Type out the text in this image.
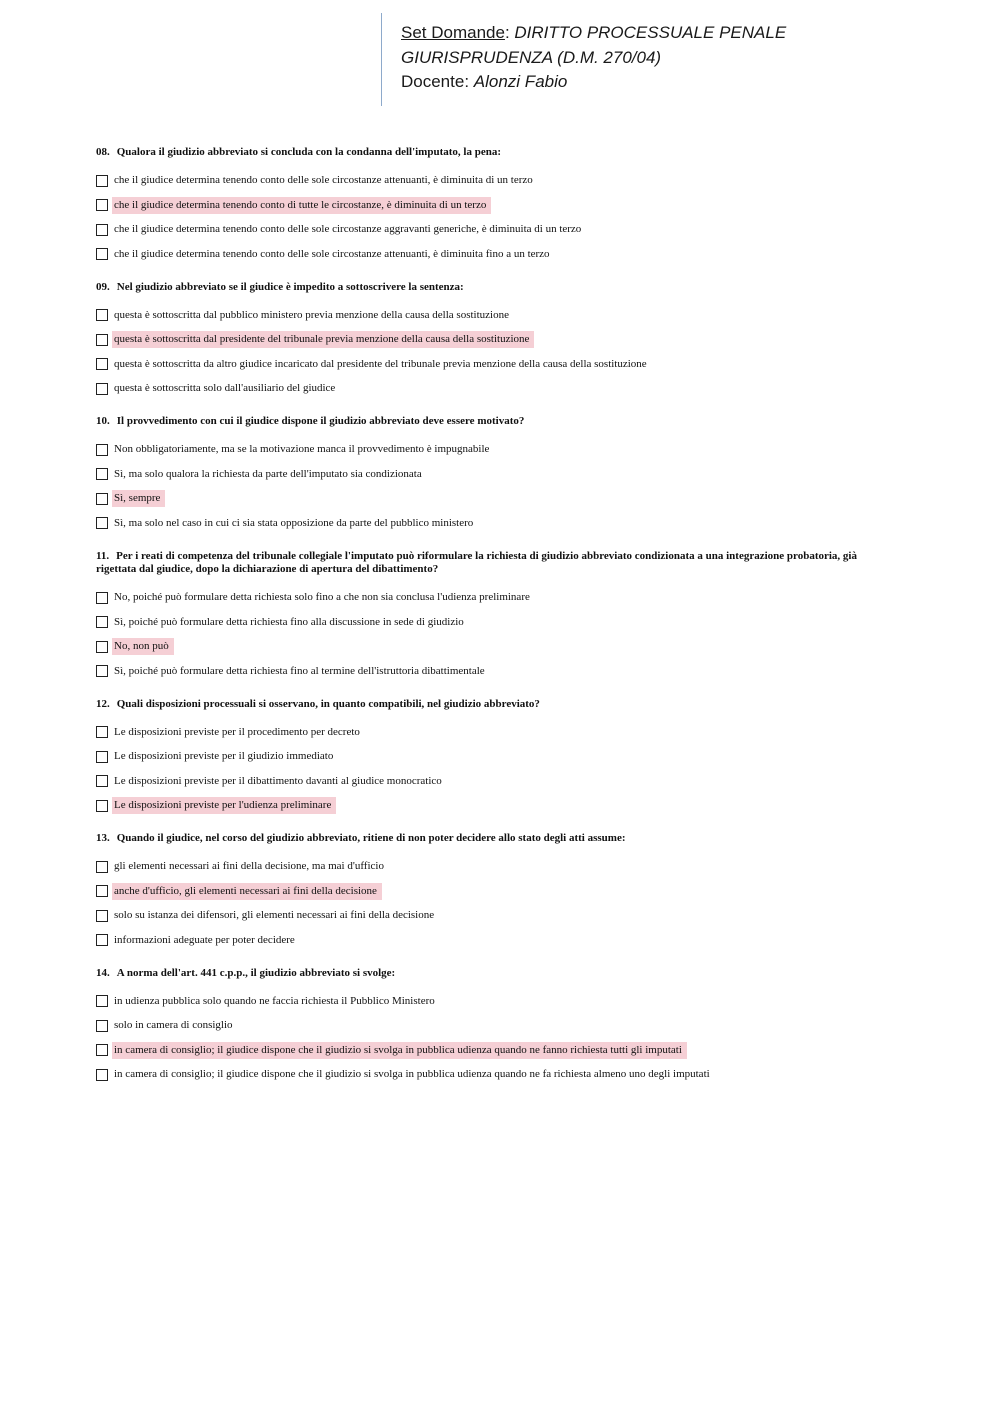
Set Domande: DIRITTO PROCESSUALE PENALE
GIURISPRUDENZA (D.M. 270/04)
Docente: Alonzi Fabio
08. Qualora il giudizio abbreviato si concluda con la condanna dell'imputato, la pena:
che il giudice determina tenendo conto delle sole circostanze attenuanti, è diminuita di un terzo
che il giudice determina tenendo conto di tutte le circostanze, è diminuita di un terzo
che il giudice determina tenendo conto delle sole circostanze aggravanti generiche, è diminuita di un terzo
che il giudice determina tenendo conto delle sole circostanze attenuanti, è diminuita fino a un terzo
09. Nel giudizio abbreviato se il giudice è impedito a sottoscrivere la sentenza:
questa è sottoscritta dal pubblico ministero previa menzione della causa della sostituzione
questa è sottoscritta dal presidente del tribunale previa menzione della causa della sostituzione
questa è sottoscritta da altro giudice incaricato dal presidente del tribunale previa menzione della causa della sostituzione
questa è sottoscritta solo dall'ausiliario del giudice
10. Il provvedimento con cui il giudice dispone il giudizio abbreviato deve essere motivato?
Non obbligatoriamente, ma se la motivazione manca il provvedimento è impugnabile
Sì, ma solo qualora la richiesta da parte dell'imputato sia condizionata
Sì, sempre
Sì, ma solo nel caso in cui ci sia stata opposizione da parte del pubblico ministero
11. Per i reati di competenza del tribunale collegiale l'imputato può riformulare la richiesta di giudizio abbreviato condizionata a una integrazione probatoria, già rigettata dal giudice, dopo la dichiarazione di apertura del dibattimento?
No, poiché può formulare detta richiesta solo fino a che non sia conclusa l'udienza preliminare
Sì, poiché può formulare detta richiesta fino alla discussione in sede di giudizio
No, non può
Sì, poiché può formulare detta richiesta fino al termine dell'istruttoria dibattimentale
12. Quali disposizioni processuali si osservano, in quanto compatibili, nel giudizio abbreviato?
Le disposizioni previste per il procedimento per decreto
Le disposizioni previste per il giudizio immediato
Le disposizioni previste per il dibattimento davanti al giudice monocratico
Le disposizioni previste per l'udienza preliminare
13. Quando il giudice, nel corso del giudizio abbreviato, ritiene di non poter decidere allo stato degli atti assume:
gli elementi necessari ai fini della decisione, ma mai d'ufficio
anche d'ufficio, gli elementi necessari ai fini della decisione
solo su istanza dei difensori, gli elementi necessari ai fini della decisione
informazioni adeguate per poter decidere
14. A norma dell'art. 441 c.p.p., il giudizio abbreviato si svolge:
in udienza pubblica solo quando ne faccia richiesta il Pubblico Ministero
solo in camera di consiglio
in camera di consiglio; il giudice dispone che il giudizio si svolga in pubblica udienza quando ne fanno richiesta tutti gli imputati
in camera di consiglio; il giudice dispone che il giudizio si svolga in pubblica udienza quando ne fa richiesta almeno uno degli imputati
